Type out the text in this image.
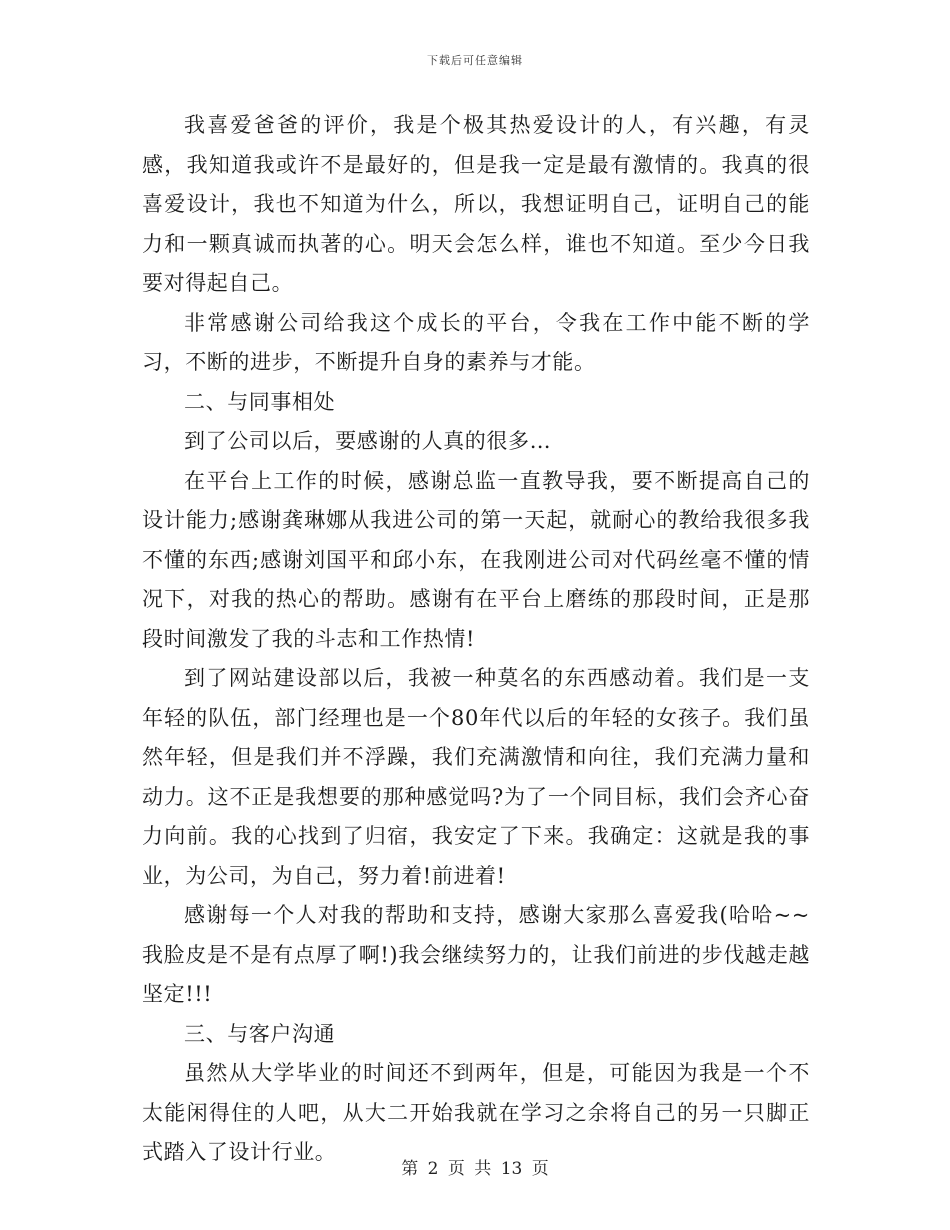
下载后可任意编辑

我喜爱爸爸的评价，我是个极其热爱设计的人，有兴趣，有灵感，我知道我或许不是最好的，但是我一定是最有激情的。我真的很喜爱设计，我也不知道为什么，所以，我想证明自己，证明自己的能力和一颗真诚而执著的心。明天会怎么样，谁也不知道。至少今日我要对得起自己。

非常感谢公司给我这个成长的平台，令我在工作中能不断的学习，不断的进步，不断提升自身的素养与才能。

二、与同事相处

到了公司以后，要感谢的人真的很多…

在平台上工作的时候，感谢总监一直教导我，要不断提高自己的设计能力;感谢龚琳娜从我进公司的第一天起，就耐心的教给我很多我不懂的东西;感谢刘国平和邱小东，在我刚进公司对代码丝毫不懂的情况下，对我的热心的帮助。感谢有在平台上磨练的那段时间，正是那段时间激发了我的斗志和工作热情!

到了网站建设部以后，我被一种莫名的东西感动着。我们是一支年轻的队伍，部门经理也是一个80年代以后的年轻的女孩子。我们虽然年轻，但是我们并不浮躁，我们充满激情和向往，我们充满力量和动力。这不正是我想要的那种感觉吗?为了一个同目标，我们会齐心奋力向前。我的心找到了归宿，我安定了下来。我确定：这就是我的事业，为公司，为自己，努力着!前进着!

感谢每一个人对我的帮助和支持，感谢大家那么喜爱我(哈哈~~我脸皮是不是有点厚了啊!)我会继续努力的，让我们前进的步伐越走越坚定!!!

三、与客户沟通

虽然从大学毕业的时间还不到两年，但是，可能因为我是一个不太能闲得住的人吧，从大二开始我就在学习之余将自己的另一只脚正式踏入了设计行业。

第 2 页 共 13 页
